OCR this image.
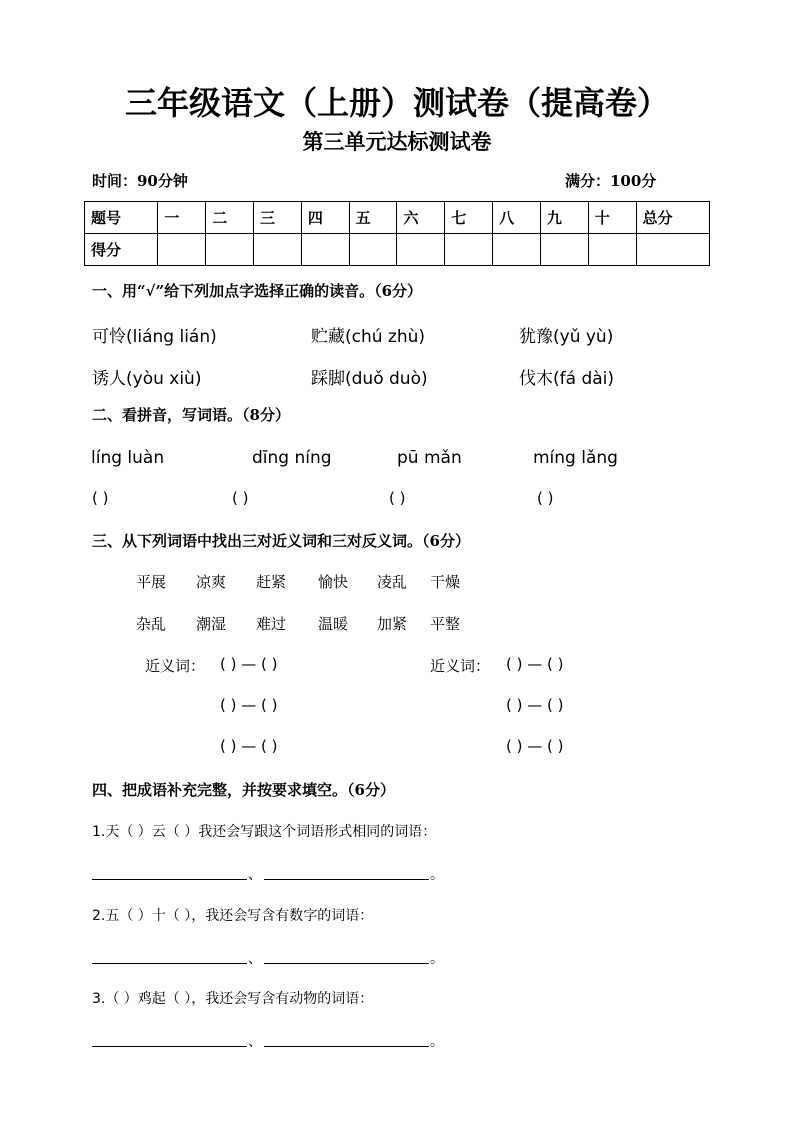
三年级语文（上册）测试卷（提高卷）
第三单元达标测试卷
时间：90分钟	满分：100分
题号	一	二	三	四	五	六	七	八	九	十	总分
得分											
一、用“√”给下列加点字选择正确的读音。（6分）
可怜(liáng lián)	贮藏(chú zhù)	犹豫(yǔ yù)
诱人(yòu xiù)	踩脚(duǒ duò)	伐木(fá dài)
二、看拼音，写词语。（8分）
líng luàn	dīng níng	pū mǎn	míng lǎng
( )	( )	( )	( )
三、从下列词语中找出三对近义词和三对反义词。（6分）
平展 凉爽 赶紧 愉快 凌乱 干燥
杂乱 潮湿 难过 温暖 加紧 平整
近义词：	近义词：
( ) — ( )	( ) — ( )
( ) — ( )	( ) — ( )
( ) — ( )	( ) — ( )
四、把成语补充完整，并按要求填空。（6分）
1.天（ ）云（ ）我还会写跟这个词语形式相同的词语：
、	。
2.五（ ）十（ ），我还会写含有数字的词语：
、	。
3.（ ）鸡起（ ），我还会写含有动物的词语：
、	。
